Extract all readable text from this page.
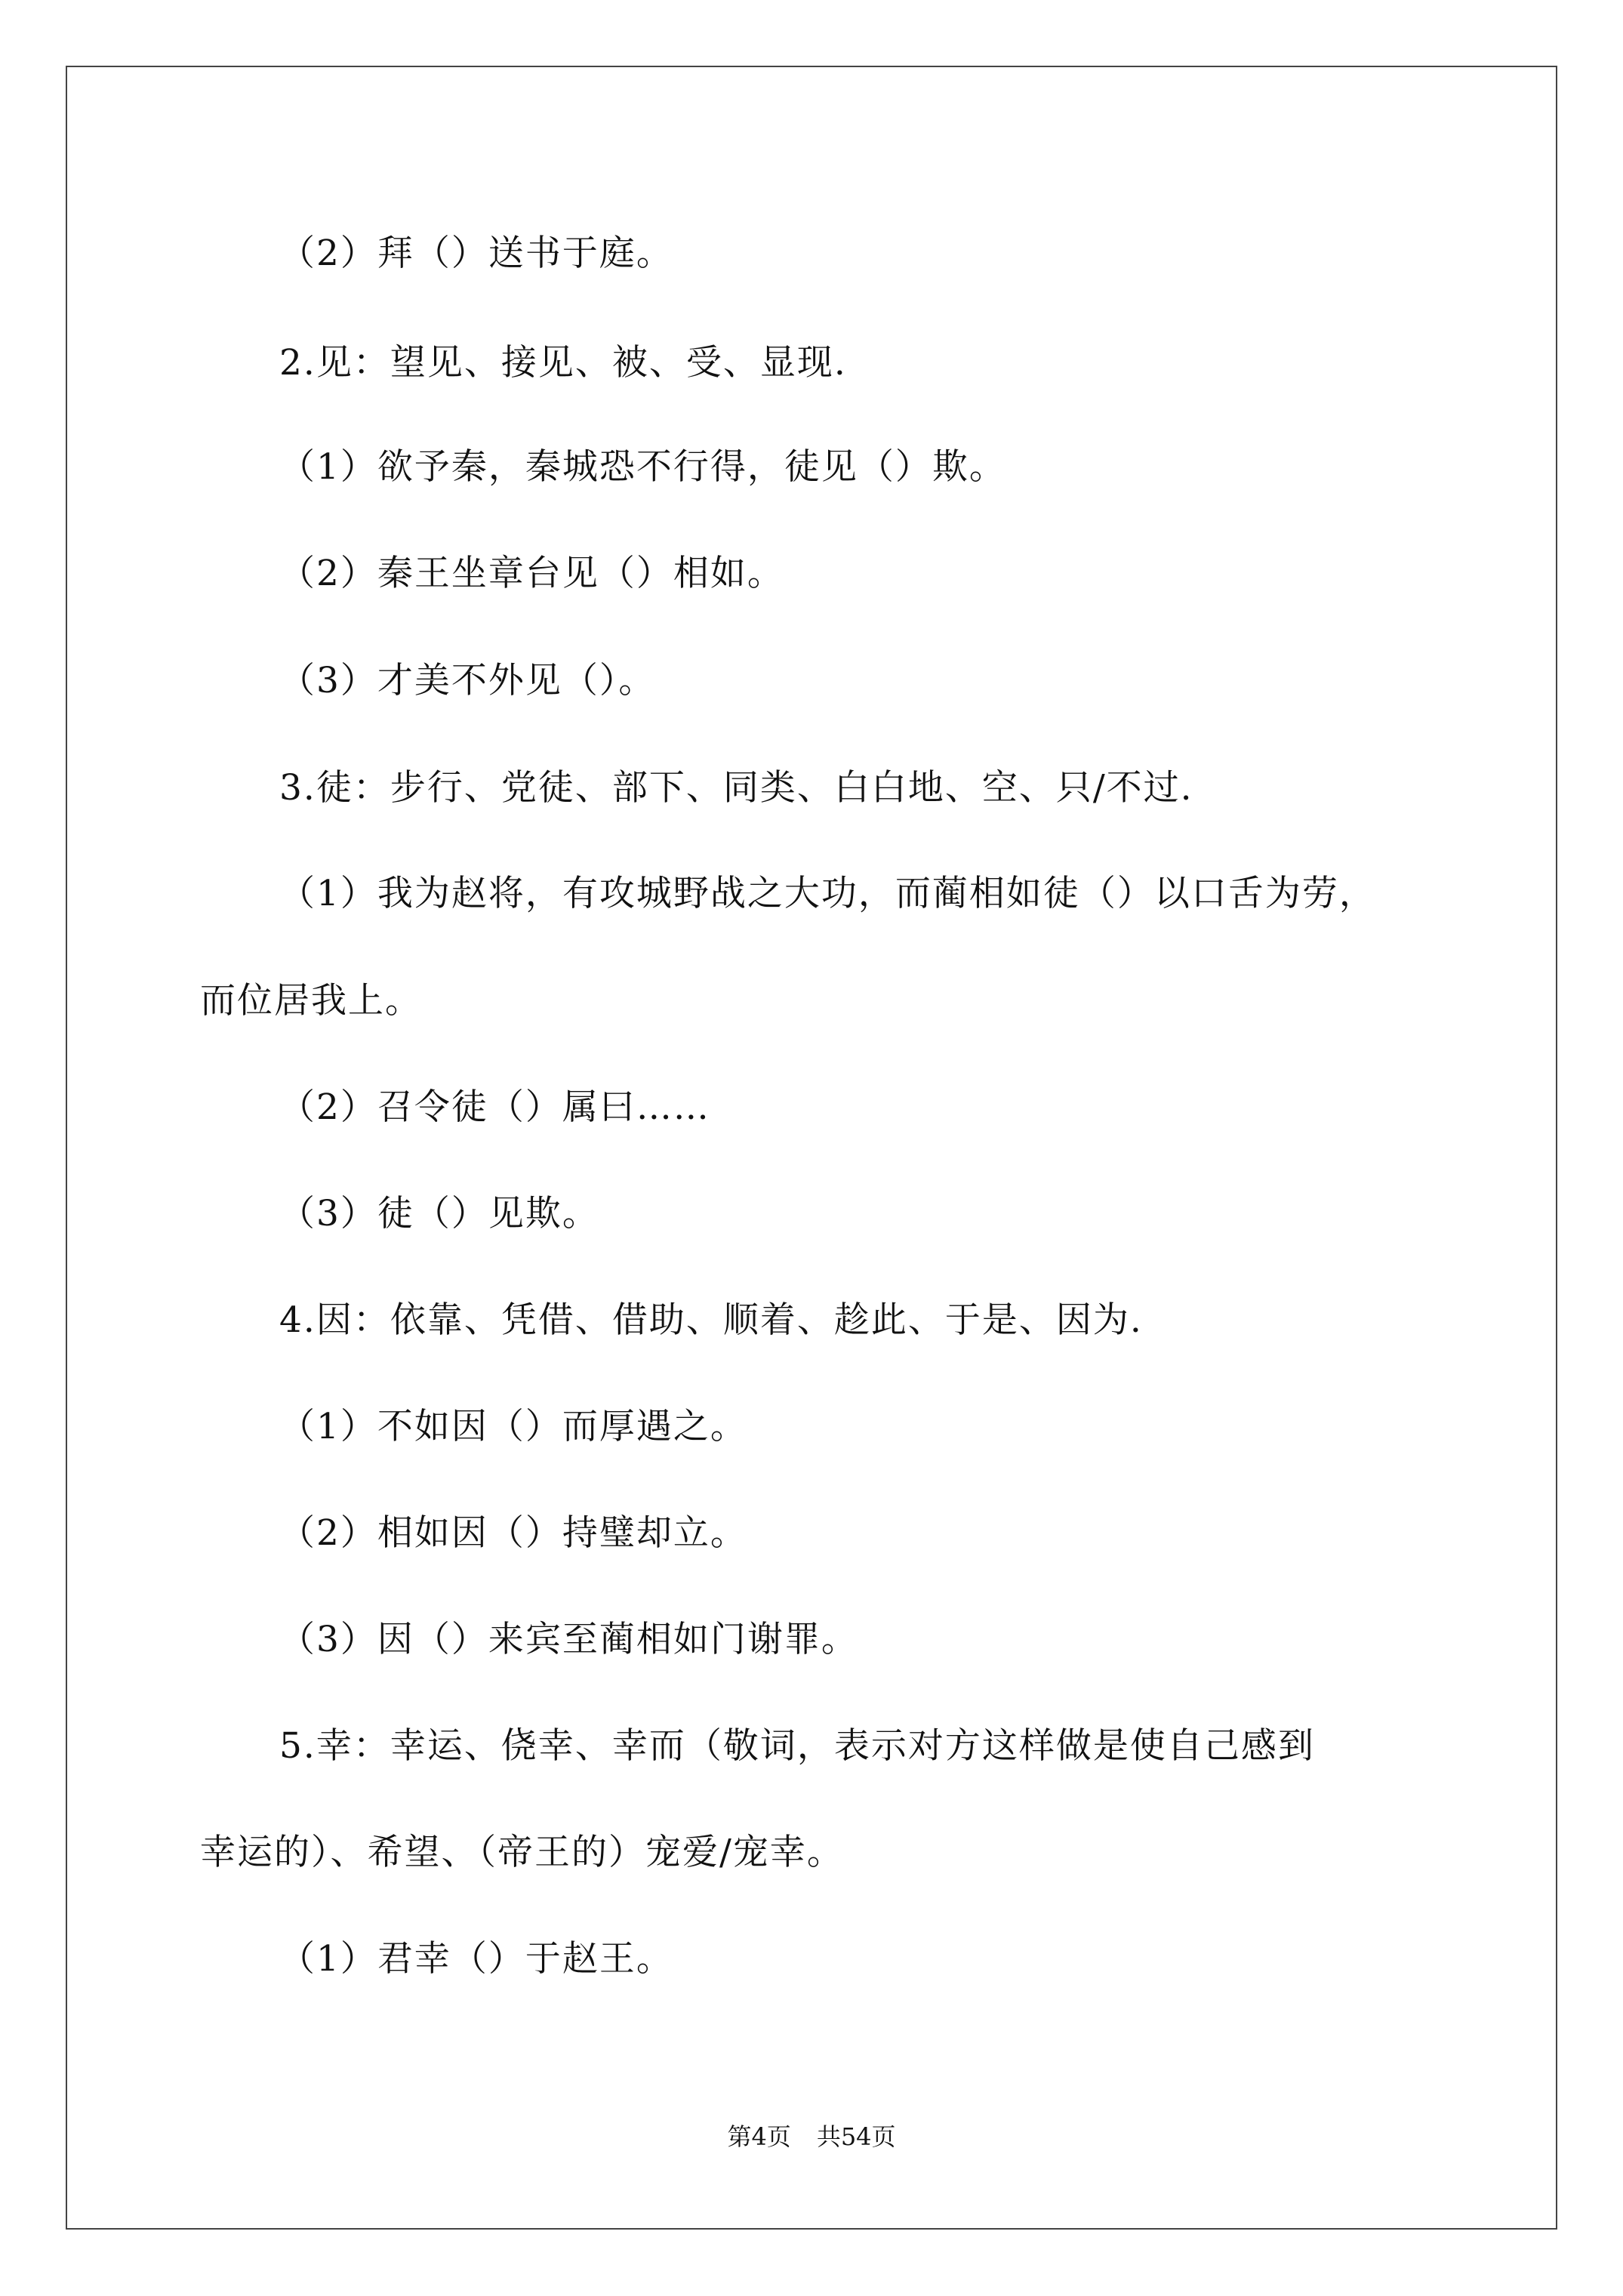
（2）拜（）送书于庭。
2.见：望见、接见、被、受、显现.
（1）欲予秦，秦城恐不行得，徒见（）欺。
（2）秦王坐章台见（）相如。
（3）才美不外见（）。
3.徒：步行、党徒、部下、同类、白白地、空、只/不过.
（1）我为赵将，有攻城野战之大功，而蔺相如徒（）以口舌为劳，
而位居我上。
（2）召令徒（）属曰……
（3）徒（）见欺。
4.因：依靠、凭借、借助、顺着、趁此、于是、因为.
（1）不如因（）而厚遇之。
（2）相如因（）持璧却立。
（3）因（）来宾至蔺相如门谢罪。
5.幸：幸运、侥幸、幸而（敬词，表示对方这样做是使自己感到
幸运的）、希望、（帝王的）宠爱/宠幸。
（1）君幸（）于赵王。
第4页 共54页
